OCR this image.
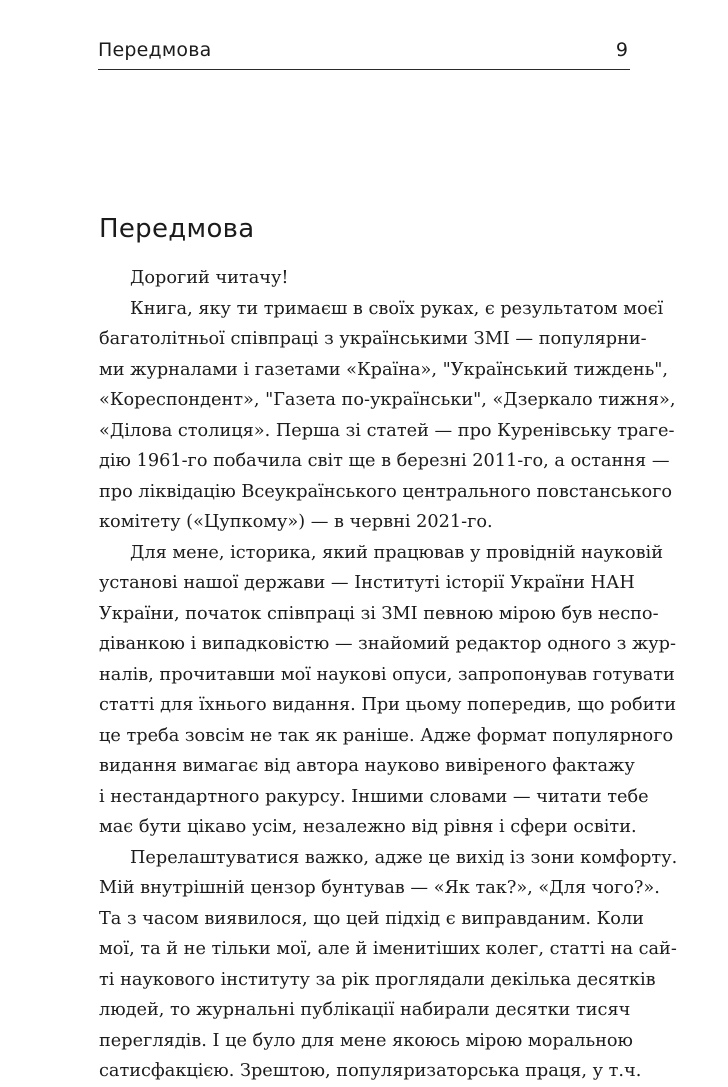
Передмова	9
Передмова
Дорогий читачу!
Книга, яку ти тримаєш в своїх руках, є результатом моєї
багатолітньої співпраці з українськими ЗМІ — популярни-
ми журналами і газетами «Країна», "Український тиждень",
«Кореспондент», "Газета по-українськи", «Дзеркало тижня»,
«Ділова столиця». Перша зі статей — про Куренівську траге-
дію 1961-го побачила світ ще в березні 2011-го, а остання —
про ліквідацію Всеукраїнського центрального повстанського
комітету («Цупкому») — в червні 2021-го.
Для мене, історика, який працював у провідній науковій
установі нашої держави — Інституті історії України НАН
України, початок співпраці зі ЗМІ певною мірою був неспо-
діванкою і випадковістю — знайомий редактор одного з жур-
налів, прочитавши мої наукові опуси, запропонував готувати
статті для їхнього видання. При цьому попередив, що робити
це треба зовсім не так як раніше. Адже формат популярного
видання вимагає від автора науково вивіреного фактажу
і нестандартного ракурсу. Іншими словами — читати тебе
має бути цікаво усім, незалежно від рівня і сфери освіти.
Перелаштуватися важко, адже це вихід із зони комфорту.
Мій внутрішній цензор бунтував — «Як так?», «Для чого?».
Та з часом виявилося, що цей підхід є виправданим. Коли
мої, та й не тільки мої, але й іменитіших колег, статті на сай-
ті наукового інституту за рік проглядали декілька десятків
людей, то журнальні публікації набирали десятки тисяч
переглядів. І це було для мене якоюсь мірою моральною
сатисфакцією. Зрештою, популяризаторська праця, у т.ч.
